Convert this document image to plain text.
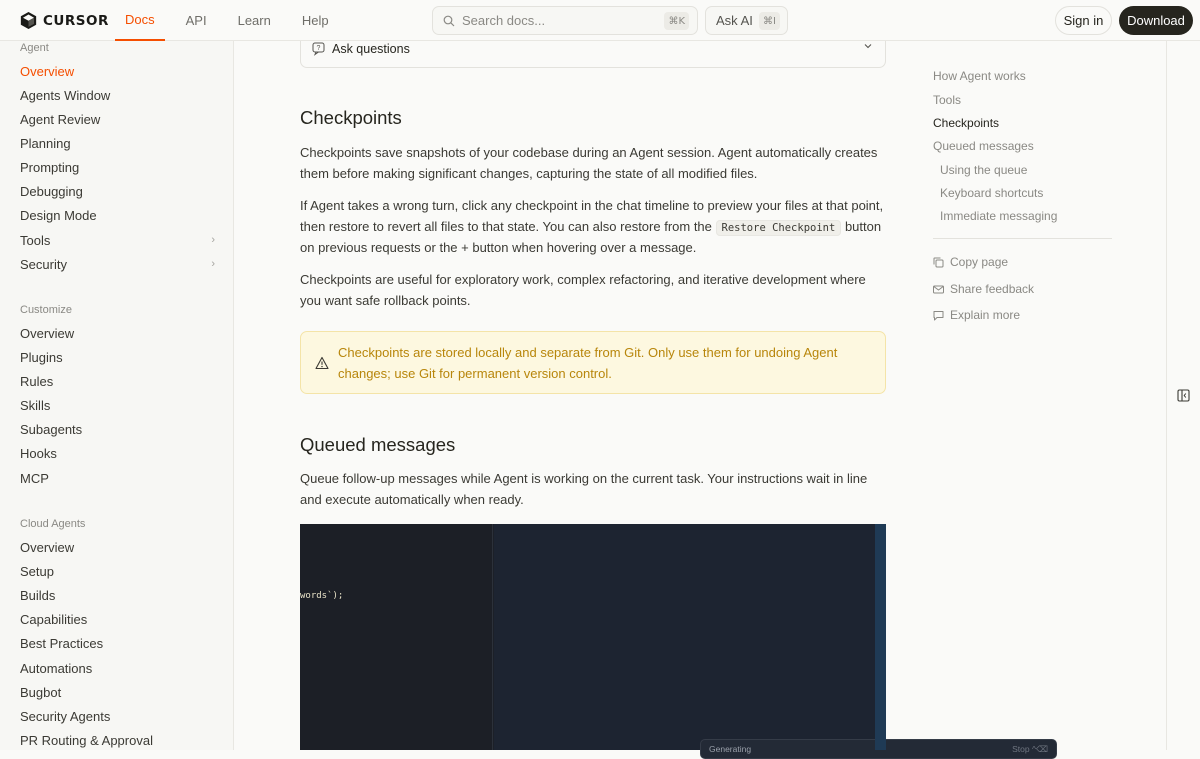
CURSOR	Docs	API	Learn	Help
Search docs...	⌘K	Ask AI	⌘I	Sign in	Download
Agent
Overview
Agents Window
Agent Review
Planning
Prompting
Debugging
Design Mode
Tools	›
Security	›
Customize
Overview
Plugins
Rules
Skills
Subagents
Hooks
MCP
Cloud Agents
Overview
Setup
Builds
Capabilities
Best Practices
Automations
Bugbot
Security Agents
PR Routing & Approval
? Ask questions
Checkpoints
Checkpoints save snapshots of your codebase during an Agent session. Agent automatically creates them before making significant changes, capturing the state of all modified files.
If Agent takes a wrong turn, click any checkpoint in the chat timeline to preview your files at that point, then restore to revert all files to that state. You can also restore from the Restore Checkpoint button on previous requests or the + button when hovering over a message.
Checkpoints are useful for exploratory work, complex refactoring, and iterative development where you want safe rollback points.
Checkpoints are stored locally and separate from Git. Only use them for undoing Agent changes; use Git for permanent version control.
Queued messages
Queue follow-up messages while Agent is working on the current task. Your instructions wait in line and execute automatically when ready.
words`);
Generating	Stop ^⌫
How Agent works
Tools
Checkpoints
Queued messages
Using the queue
Keyboard shortcuts
Immediate messaging
Copy page
Share feedback
Explain more
